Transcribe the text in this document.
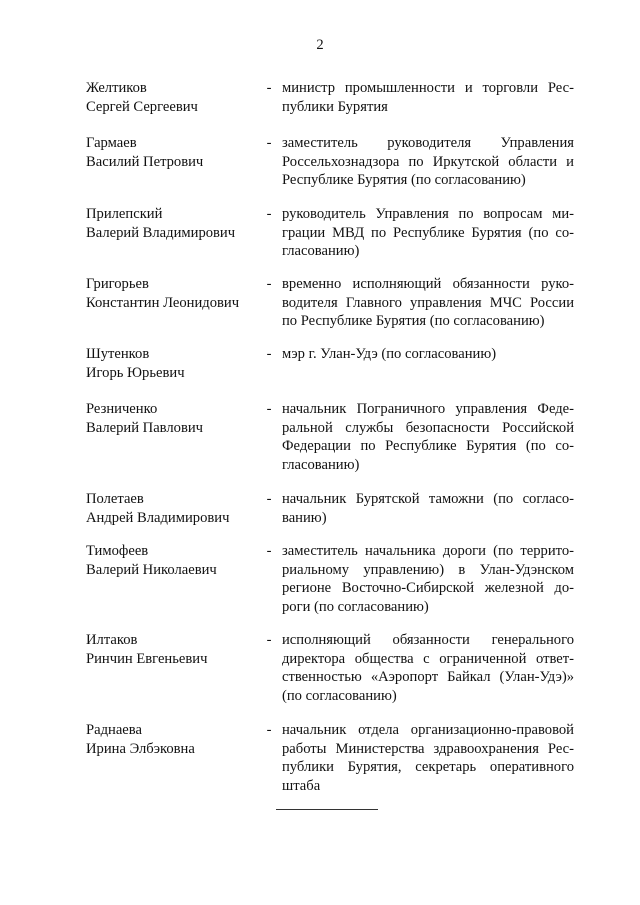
2
Желтиков
Сергей Сергеевич
- министр промышленности и торговли Рес-
публики Бурятия
Гармаев
Василий Петрович
- заместитель руководителя Управления
Россельхознадзора по Иркутской области и
Республике Бурятия (по согласованию)
Прилепский
Валерий Владимирович
- руководитель Управления по вопросам ми-
грации МВД по Республике Бурятия (по со-
гласованию)
Григорьев
Константин Леонидович
- временно исполняющий обязанности руко-
водителя Главного управления МЧС России
по Республике Бурятия (по согласованию)
Шутенков
Игорь Юрьевич
- мэр г. Улан-Удэ (по согласованию)
Резниченко
Валерий Павлович
- начальник Пограничного управления Феде-
ральной службы безопасности Российской
Федерации по Республике Бурятия (по со-
гласованию)
Полетаев
Андрей Владимирович
- начальник Бурятской таможни (по согласо-
ванию)
Тимофеев
Валерий Николаевич
- заместитель начальника дороги (по террито-
риальному управлению) в Улан-Удэнском
регионе Восточно-Сибирской железной до-
роги (по согласованию)
Илтаков
Ринчин Евгеньевич
- исполняющий обязанности генерального
директора общества с ограниченной ответ-
ственностью «Аэропорт Байкал (Улан-Удэ)»
(по согласованию)
Раднаева
Ирина Элбэковна
- начальник отдела организационно-правовой
работы Министерства здравоохранения Рес-
публики Бурятия, секретарь оперативного
штаба
